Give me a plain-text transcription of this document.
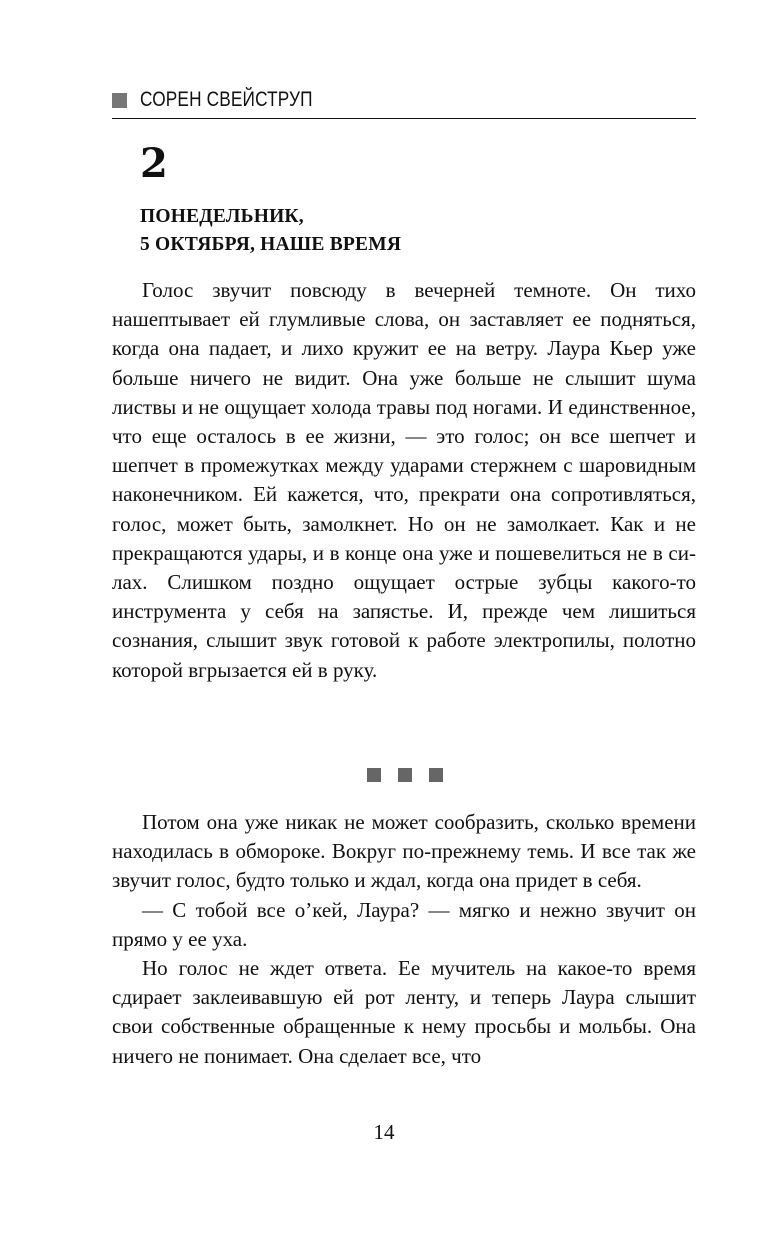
СОРЕН СВЕЙСТРУП
2
ПОНЕДЕЛЬНИК,
5 ОКТЯБРЯ, НАШЕ ВРЕМЯ

Голос звучит повсюду в вечерней темноте. Он тихо нашептывает ей глумливые слова, он заставляет ее подняться, когда она падает, и лихо кружит ее на ветру. Лаура Кьер уже больше ничего не видит. Она уже больше не слышит шума листвы и не ощущает холода травы под ногами. И единственное, что еще осталось в ее жизни, — это голос; он все шепчет и шепчет в промежутках между ударами стержнем с шаровидным наконечником. Ей кажется, что, прекрати она сопротивляться, голос, может быть, замолкнет. Но он не замолкает. Как и не прекращаются удары, и в конце она уже и пошевелиться не в силах. Слишком поздно ощущает острые зубцы какого-то инструмента у себя на запястье. И, прежде чем лишиться сознания, слышит звук готовой к работе электропилы, полотно которой вгрызается ей в руку.

Потом она уже никак не может сообразить, сколько времени находилась в обмороке. Вокруг по-прежнему темь. И все так же звучит голос, будто только и ждал, когда она придет в себя.

— С тобой все о’кей, Лаура? — мягко и нежно звучит он прямо у ее уха.

Но голос не ждет ответа. Ее мучитель на какое-то время сдирает заклеивавшую ей рот ленту, и теперь Лаура слышит свои собственные обращенные к нему просьбы и мольбы. Она ничего не понимает. Она сделает все, что

14
